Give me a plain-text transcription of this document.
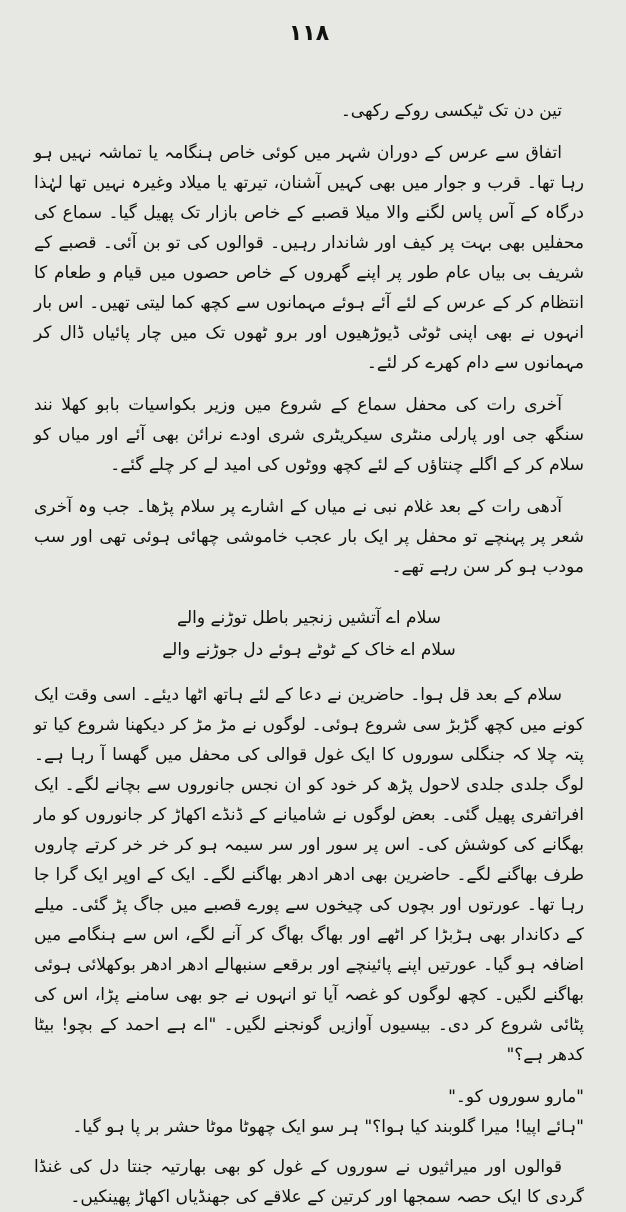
۱۱۸

تین دن تک ٹیکسی روکے رکھی۔

اتفاق سے عرس کے دوران شہر میں کوئی خاص ہنگامہ یا تماشہ نہیں ہو رہا تھا۔ قرب و جوار میں بھی کہیں آشنان، تیرتھ یا میلاد وغیرہ نہیں تھا لہٰذا درگاہ کے آس پاس لگنے والا میلا قصبے کے خاص بازار تک پھیل گیا۔ سماع کی محفلیں بھی بہت پر کیف اور شاندار رہیں۔ قوالوں کی تو بن آئی۔ قصبے کے شریف بی بیاں عام طور پر اپنے گھروں کے خاص حصوں میں قیام و طعام کا انتظام کر کے عرس کے لئے آئے ہوئے مہمانوں سے کچھ کما لیتی تھیں۔ اس بار انہوں نے بھی اپنی ٹوٹی ڈیوڑھیوں اور برو ٹھوں تک میں چار پائیاں ڈال کر مہمانوں سے دام کھرے کر لئے۔

آخری رات کی محفل سماع کے شروع میں وزیر بکواسیات بابو کھلا نند سنگھ جی اور پارلی منٹری سیکریٹری شری اودے نرائن بھی آئے اور میاں کو سلام کر کے اگلے چنتاؤں کے لئے کچھ ووٹوں کی امید لے کر چلے گئے۔

آدھی رات کے بعد غلام نبی نے میاں کے اشارے پر سلام پڑھا۔ جب وہ آخری شعر پر پہنچے تو محفل پر ایک بار عجب خاموشی چھائی ہوئی تھی اور سب مودب ہو کر سن رہے تھے۔

سلام اے آتشیں زنجیر باطل توڑنے والے
سلام اے خاک کے ٹوٹے ہوئے دل جوڑنے والے

سلام کے بعد قل ہوا۔ حاضرین نے دعا کے لئے ہاتھ اٹھا دیئے۔ اسی وقت ایک کونے میں کچھ گڑبڑ سی شروع ہوئی۔ لوگوں نے مڑ مڑ کر دیکھنا شروع کیا تو پتہ چلا کہ جنگلی سوروں کا ایک غول قوالی کی محفل میں گھسا آ رہا ہے۔ لوگ جلدی جلدی لاحول پڑھ کر خود کو ان نجس جانوروں سے بچانے لگے۔ ایک افراتفری پھیل گئی۔ بعض لوگوں نے شامیانے کے ڈنڈے اکھاڑ کر جانوروں کو مار بھگانے کی کوشش کی۔ اس پر سور اور سر سیمہ ہو کر خر خر کرتے چاروں طرف بھاگنے لگے۔ حاضرین بھی ادھر ادھر بھاگنے لگے۔ ایک کے اوپر ایک گرا جا رہا تھا۔ عورتوں اور بچوں کی چیخوں سے پورے قصبے میں جاگ پڑ گئی۔ میلے کے دکاندار بھی ہڑبڑا کر اٹھے اور بھاگ بھاگ کر آنے لگے، اس سے ہنگامے میں اضافہ ہو گیا۔ عورتیں اپنے پائینچے اور برقعے سنبھالے ادھر ادھر بوکھلائی ہوئی بھاگنے لگیں۔ کچھ لوگوں کو غصہ آیا تو انہوں نے جو بھی سامنے پڑا، اس کی پٹائی شروع کر دی۔ بیسیوں آوازیں گونجنے لگیں۔ "اے ہے احمد کے بچو! بیٹا کدھر ہے؟"

"مارو سوروں کو۔"
"ہائے اپیا! میرا گلوبند کیا ہوا؟" ہر سو ایک چھوٹا موٹا حشر بر پا ہو گیا۔

قوالوں اور میراثیوں نے سوروں کے غول کو بھی بھارتیہ جنتا دل کی غنڈا گردی کا ایک حصہ سمجھا اور کرتین کے علاقے کی جھنڈیاں اکھاڑ پھینکیں۔
